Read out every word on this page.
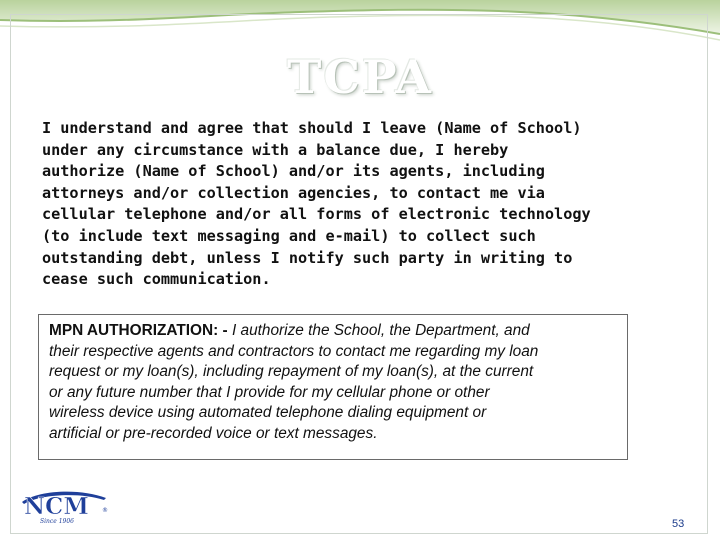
TCPA
I understand and agree that should I leave (Name of School)
under any circumstance with a balance due, I hereby
authorize (Name of School) and/or its agents, including
attorneys and/or collection agencies, to contact me via
cellular telephone and/or all forms of electronic technology
(to include text messaging and e-mail) to collect such
outstanding debt, unless I notify such party in writing to
cease such communication.
MPN AUTHORIZATION: - I authorize the School, the Department, and
their respective agents and contractors to contact me regarding my loan
request or my loan(s), including repayment of my loan(s), at the current
or any future number that I provide for my cellular phone or other
wireless device using automated telephone dialing equipment or
artificial or pre-recorded voice or text messages.
NCM ®
Since 1906	53
